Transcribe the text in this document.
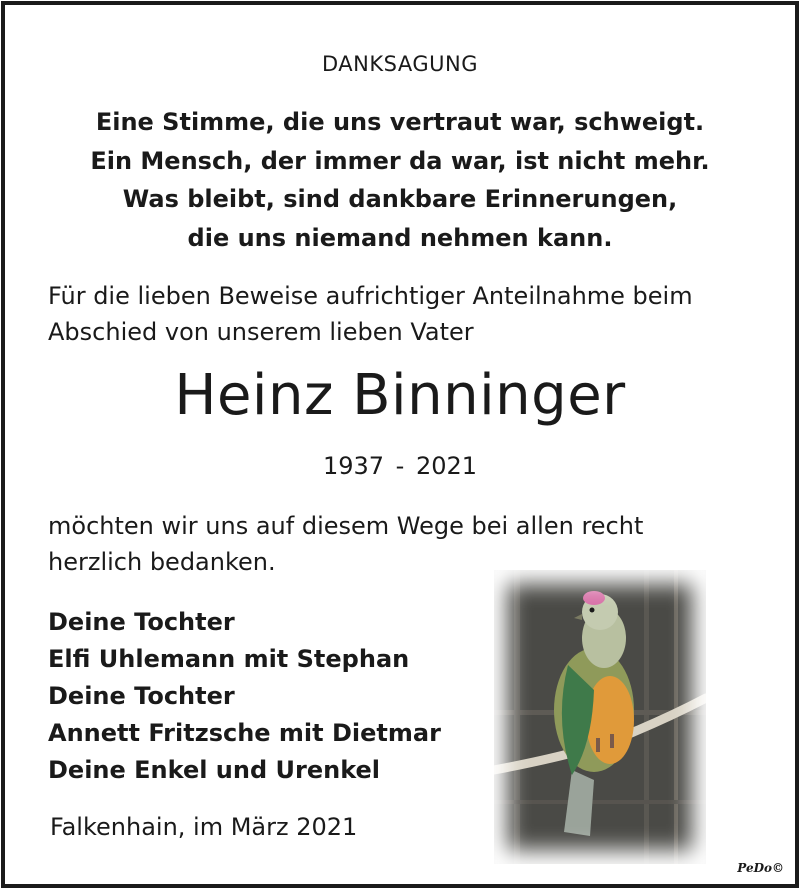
DANKSAGUNG
Eine Stimme, die uns vertraut war, schweigt.
Ein Mensch, der immer da war, ist nicht mehr.
Was bleibt, sind dankbare Erinnerungen,
die uns niemand nehmen kann.
Für die lieben Beweise aufrichtiger Anteilnahme beim
Abschied von unserem lieben Vater
Heinz Binninger
1937 - 2021
möchten wir uns auf diesem Wege bei allen recht
herzlich bedanken.
Deine Tochter
Elfi Uhlemann mit Stephan
Deine Tochter
Annett Fritzsche mit Dietmar
Deine Enkel und Urenkel
Falkenhain, im März 2021
PeDo©
